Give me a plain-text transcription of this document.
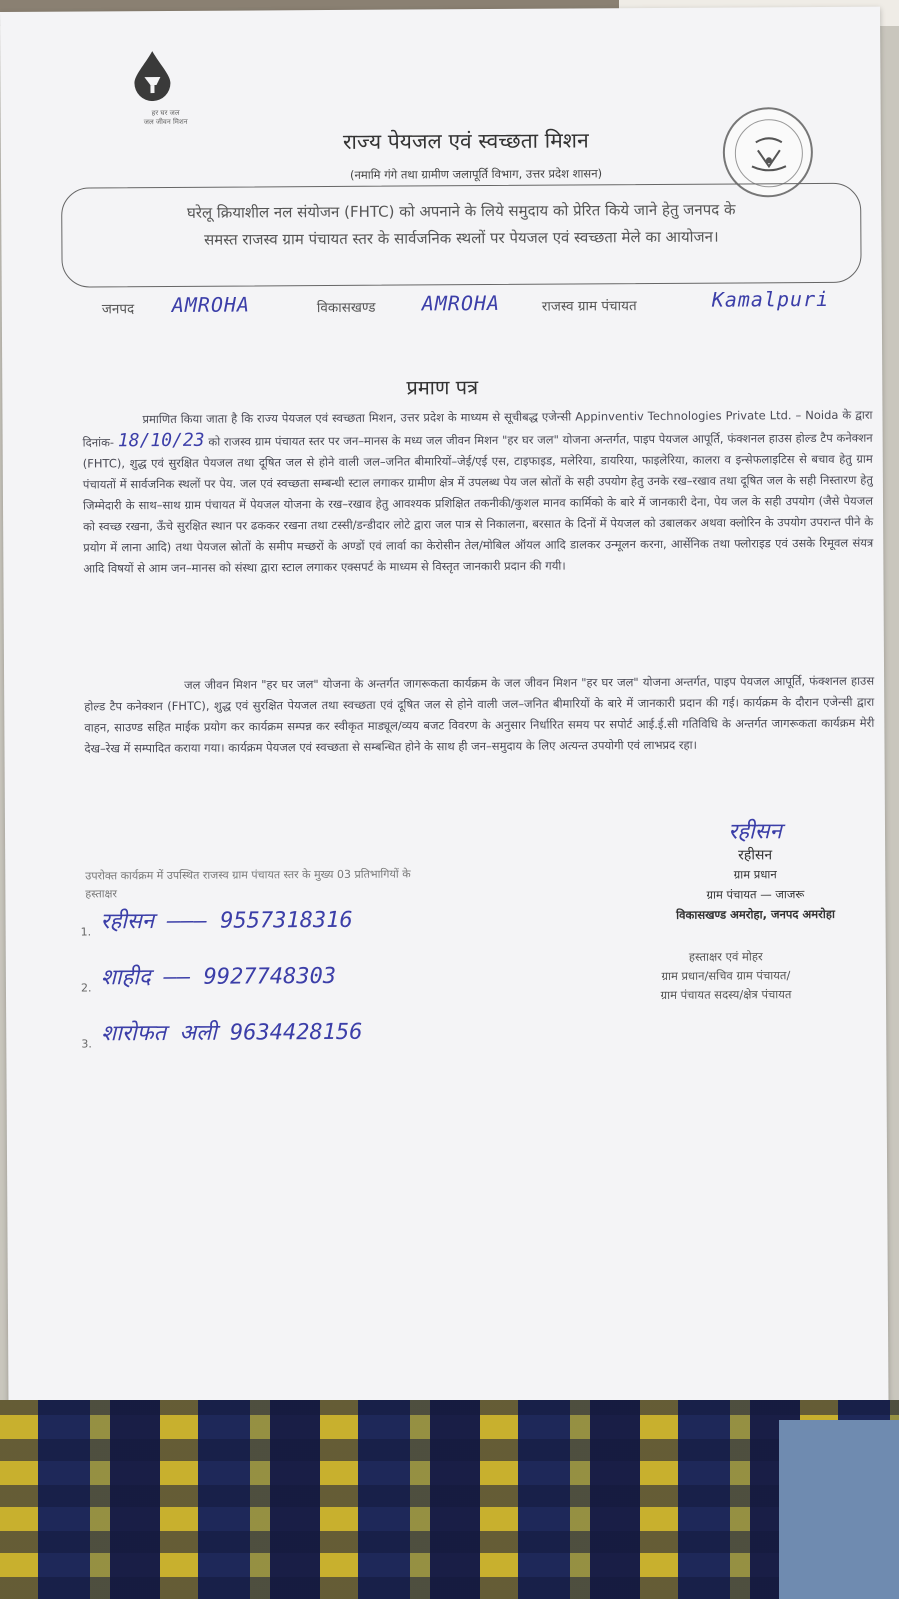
हर घर जल
जल जीवन मिशन
राज्य पेयजल एवं स्वच्छता मिशन
(नमामि गंगे तथा ग्रामीण जलापूर्ति विभाग, उत्तर प्रदेश शासन)
घरेलू क्रियाशील नल संयोजन (FHTC) को अपनाने के लिये समुदाय को प्रेरित किये जाने हेतु जनपद के
समस्त राजस्व ग्राम पंचायत स्तर के सार्वजनिक स्थलों पर पेयजल एवं स्वच्छता मेले का आयोजन।
जनपद AMROHA	विकासखण्ड AMROHA	राजस्व ग्राम पंचायत	Kamalpuri
प्रमाण पत्र
प्रमाणित किया जाता है कि राज्य पेयजल एवं स्वच्छता मिशन, उत्तर प्रदेश के माध्यम से सूचीबद्ध एजेन्सी Appinventiv Technologies Private Ltd. – Noida के द्वारा दिनांक- 18/10/23 को राजस्व ग्राम पंचायत स्तर पर जन–मानस के मध्य जल जीवन मिशन "हर घर जल" योजना अन्तर्गत, पाइप पेयजल आपूर्ति, फंक्शनल हाउस होल्ड टैप कनेक्शन (FHTC), शुद्ध एवं सुरक्षित पेयजल तथा दूषित जल से होने वाली जल–जनित बीमारियों–जेई/एई एस, टाइफाइड, मलेरिया, डायरिया, फाइलेरिया, कालरा व इन्सेफलाइटिस से बचाव हेतु ग्राम पंचायतों में सार्वजनिक स्थलों पर पेय. जल एवं स्वच्छता सम्बन्धी स्टाल लगाकर ग्रामीण क्षेत्र में उपलब्ध पेय जल स्रोतों के सही उपयोग हेतु उनके रख–रखाव तथा दूषित जल के सही निस्तारण हेतु जिम्मेदारी के साथ–साथ ग्राम पंचायत में पेयजल योजना के रख–रखाव हेतु आवश्यक प्रशिक्षित तकनीकी/कुशल मानव कार्मिको के बारे में जानकारी देना, पेय जल के सही उपयोग (जैसे पेयजल को स्वच्छ रखना, ऊँचे सुरक्षित स्थान पर ढककर रखना तथा टस्सी/डन्डीदार लोटे द्वारा जल पात्र से निकालना, बरसात के दिनों में पेयजल को उबालकर अथवा क्लोरिन के उपयोग उपरान्त पीने के प्रयोग में लाना आदि) तथा पेयजल स्रोतों के समीप मच्छरों के अण्डों एवं लार्वा का केरोसीन तेल/मोबिल ऑयल आदि डालकर उन्मूलन करना, आर्सेनिक तथा फ्लोराइड एवं उसके रिमूवल संयत्र आदि विषयों से आम जन–मानस को संस्था द्वारा स्टाल लगाकर एक्सपर्ट के माध्यम से विस्तृत जानकारी प्रदान की गयी।
जल जीवन मिशन "हर घर जल" योजना के अन्तर्गत जागरूकता कार्यक्रम के जल जीवन मिशन "हर घर जल" योजना अन्तर्गत, पाइप पेयजल आपूर्ति, फंक्शनल हाउस होल्ड टैप कनेक्शन (FHTC), शुद्ध एवं सुरक्षित पेयजल तथा स्वच्छता एवं दूषित जल से होने वाली जल–जनित बीमारियों के बारे में जानकारी प्रदान की गई। कार्यक्रम के दौरान एजेन्सी द्वारा वाहन, साउण्ड सहित माईक प्रयोग कर कार्यक्रम सम्पन्न कर स्वीकृत माड्यूल/व्यय बजट विवरण के अनुसार निर्धारित समय पर सपोर्ट आई.ई.सी गतिविधि के अन्तर्गत जागरूकता कार्यक्रम मेरी देख–रेख में सम्पादित कराया गया। कार्यक्रम पेयजल एवं स्वच्छता से सम्बन्धित होने के साथ ही जन–समुदाय के लिए अत्यन्त उपयोगी एवं लाभप्रद रहा।
उपरोक्त कार्यक्रम में उपस्थित राजस्व ग्राम पंचायत स्तर के मुख्य 03 प्रतिभागियों के
हस्ताक्षर
1. रहीसन ——— 9557318316
2. शाहीद —— 9927748303
3. शारोफत अली 9634428156
रहीसन
रहीसन
ग्राम प्रधान
ग्राम पंचायत — जाजरू
विकासखण्ड अमरोहा, जनपद अमरोहा
हस्ताक्षर एवं मोहर
ग्राम प्रधान/सचिव ग्राम पंचायत/
ग्राम पंचायत सदस्य/क्षेत्र पंचायत
